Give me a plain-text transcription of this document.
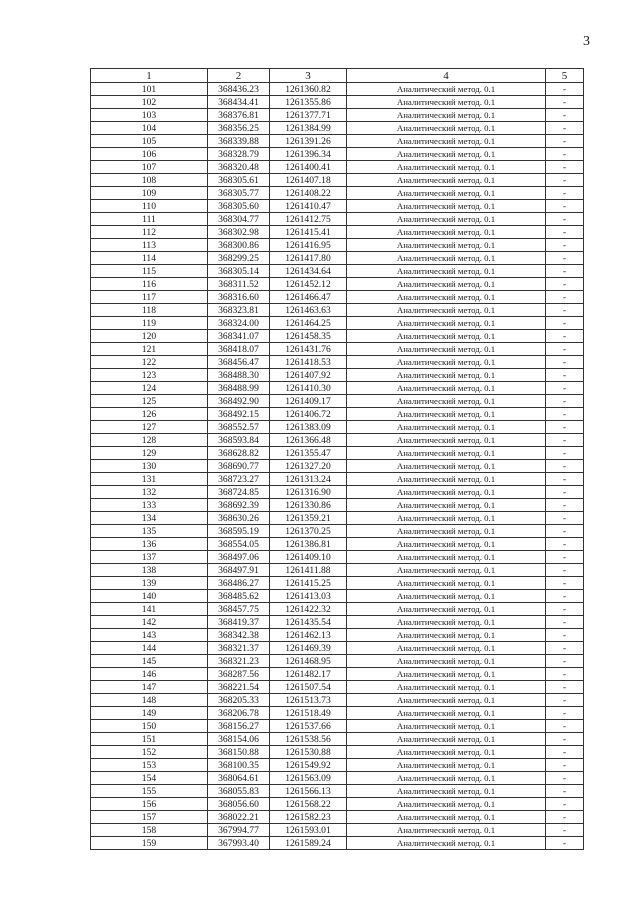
3
1	2	3	4	5
101	368436.23	1261360.82	Аналитический метод. 0.1	-
102	368434.41	1261355.86	Аналитический метод. 0.1	-
103	368376.81	1261377.71	Аналитический метод. 0.1	-
104	368356.25	1261384.99	Аналитический метод. 0.1	-
105	368339.88	1261391.26	Аналитический метод. 0.1	-
106	368328.79	1261396.34	Аналитический метод. 0.1	-
107	368320.48	1261400.41	Аналитический метод. 0.1	-
108	368305.61	1261407.18	Аналитический метод. 0.1	-
109	368305.77	1261408.22	Аналитический метод. 0.1	-
110	368305.60	1261410.47	Аналитический метод. 0.1	-
111	368304.77	1261412.75	Аналитический метод. 0.1	-
112	368302.98	1261415.41	Аналитический метод. 0.1	-
113	368300.86	1261416.95	Аналитический метод. 0.1	-
114	368299.25	1261417.80	Аналитический метод. 0.1	-
115	368305.14	1261434.64	Аналитический метод. 0.1	-
116	368311.52	1261452.12	Аналитический метод. 0.1	-
117	368316.60	1261466.47	Аналитический метод. 0.1	-
118	368323.81	1261463.63	Аналитический метод. 0.1	-
119	368324.00	1261464.25	Аналитический метод. 0.1	-
120	368341.07	1261458.35	Аналитический метод. 0.1	-
121	368418.07	1261431.76	Аналитический метод. 0.1	-
122	368456.47	1261418.53	Аналитический метод. 0.1	-
123	368488.30	1261407.92	Аналитический метод. 0.1	-
124	368488.99	1261410.30	Аналитический метод. 0.1	-
125	368492.90	1261409.17	Аналитический метод. 0.1	-
126	368492.15	1261406.72	Аналитический метод. 0.1	-
127	368552.57	1261383.09	Аналитический метод. 0.1	-
128	368593.84	1261366.48	Аналитический метод. 0.1	-
129	368628.82	1261355.47	Аналитический метод. 0.1	-
130	368690.77	1261327.20	Аналитический метод. 0.1	-
131	368723.27	1261313.24	Аналитический метод. 0.1	-
132	368724.85	1261316.90	Аналитический метод. 0.1	-
133	368692.39	1261330.86	Аналитический метод. 0.1	-
134	368630.26	1261359.21	Аналитический метод. 0.1	-
135	368595.19	1261370.25	Аналитический метод. 0.1	-
136	368554.05	1261386.81	Аналитический метод. 0.1	-
137	368497.06	1261409.10	Аналитический метод. 0.1	-
138	368497.91	1261411.88	Аналитический метод. 0.1	-
139	368486.27	1261415.25	Аналитический метод. 0.1	-
140	368485.62	1261413.03	Аналитический метод. 0.1	-
141	368457.75	1261422.32	Аналитический метод. 0.1	-
142	368419.37	1261435.54	Аналитический метод. 0.1	-
143	368342.38	1261462.13	Аналитический метод. 0.1	-
144	368321.37	1261469.39	Аналитический метод. 0.1	-
145	368321.23	1261468.95	Аналитический метод. 0.1	-
146	368287.56	1261482.17	Аналитический метод. 0.1	-
147	368221.54	1261507.54	Аналитический метод. 0.1	-
148	368205.33	1261513.73	Аналитический метод. 0.1	-
149	368206.78	1261518.49	Аналитический метод. 0.1	-
150	368156.27	1261537.66	Аналитический метод. 0.1	-
151	368154.06	1261538.56	Аналитический метод. 0.1	-
152	368150.88	1261530.88	Аналитический метод. 0.1	-
153	368100.35	1261549.92	Аналитический метод. 0.1	-
154	368064.61	1261563.09	Аналитический метод. 0.1	-
155	368055.83	1261566.13	Аналитический метод. 0.1	-
156	368056.60	1261568.22	Аналитический метод. 0.1	-
157	368022.21	1261582.23	Аналитический метод. 0.1	-
158	367994.77	1261593.01	Аналитический метод. 0.1	-
159	367993.40	1261589.24	Аналитический метод. 0.1	-
